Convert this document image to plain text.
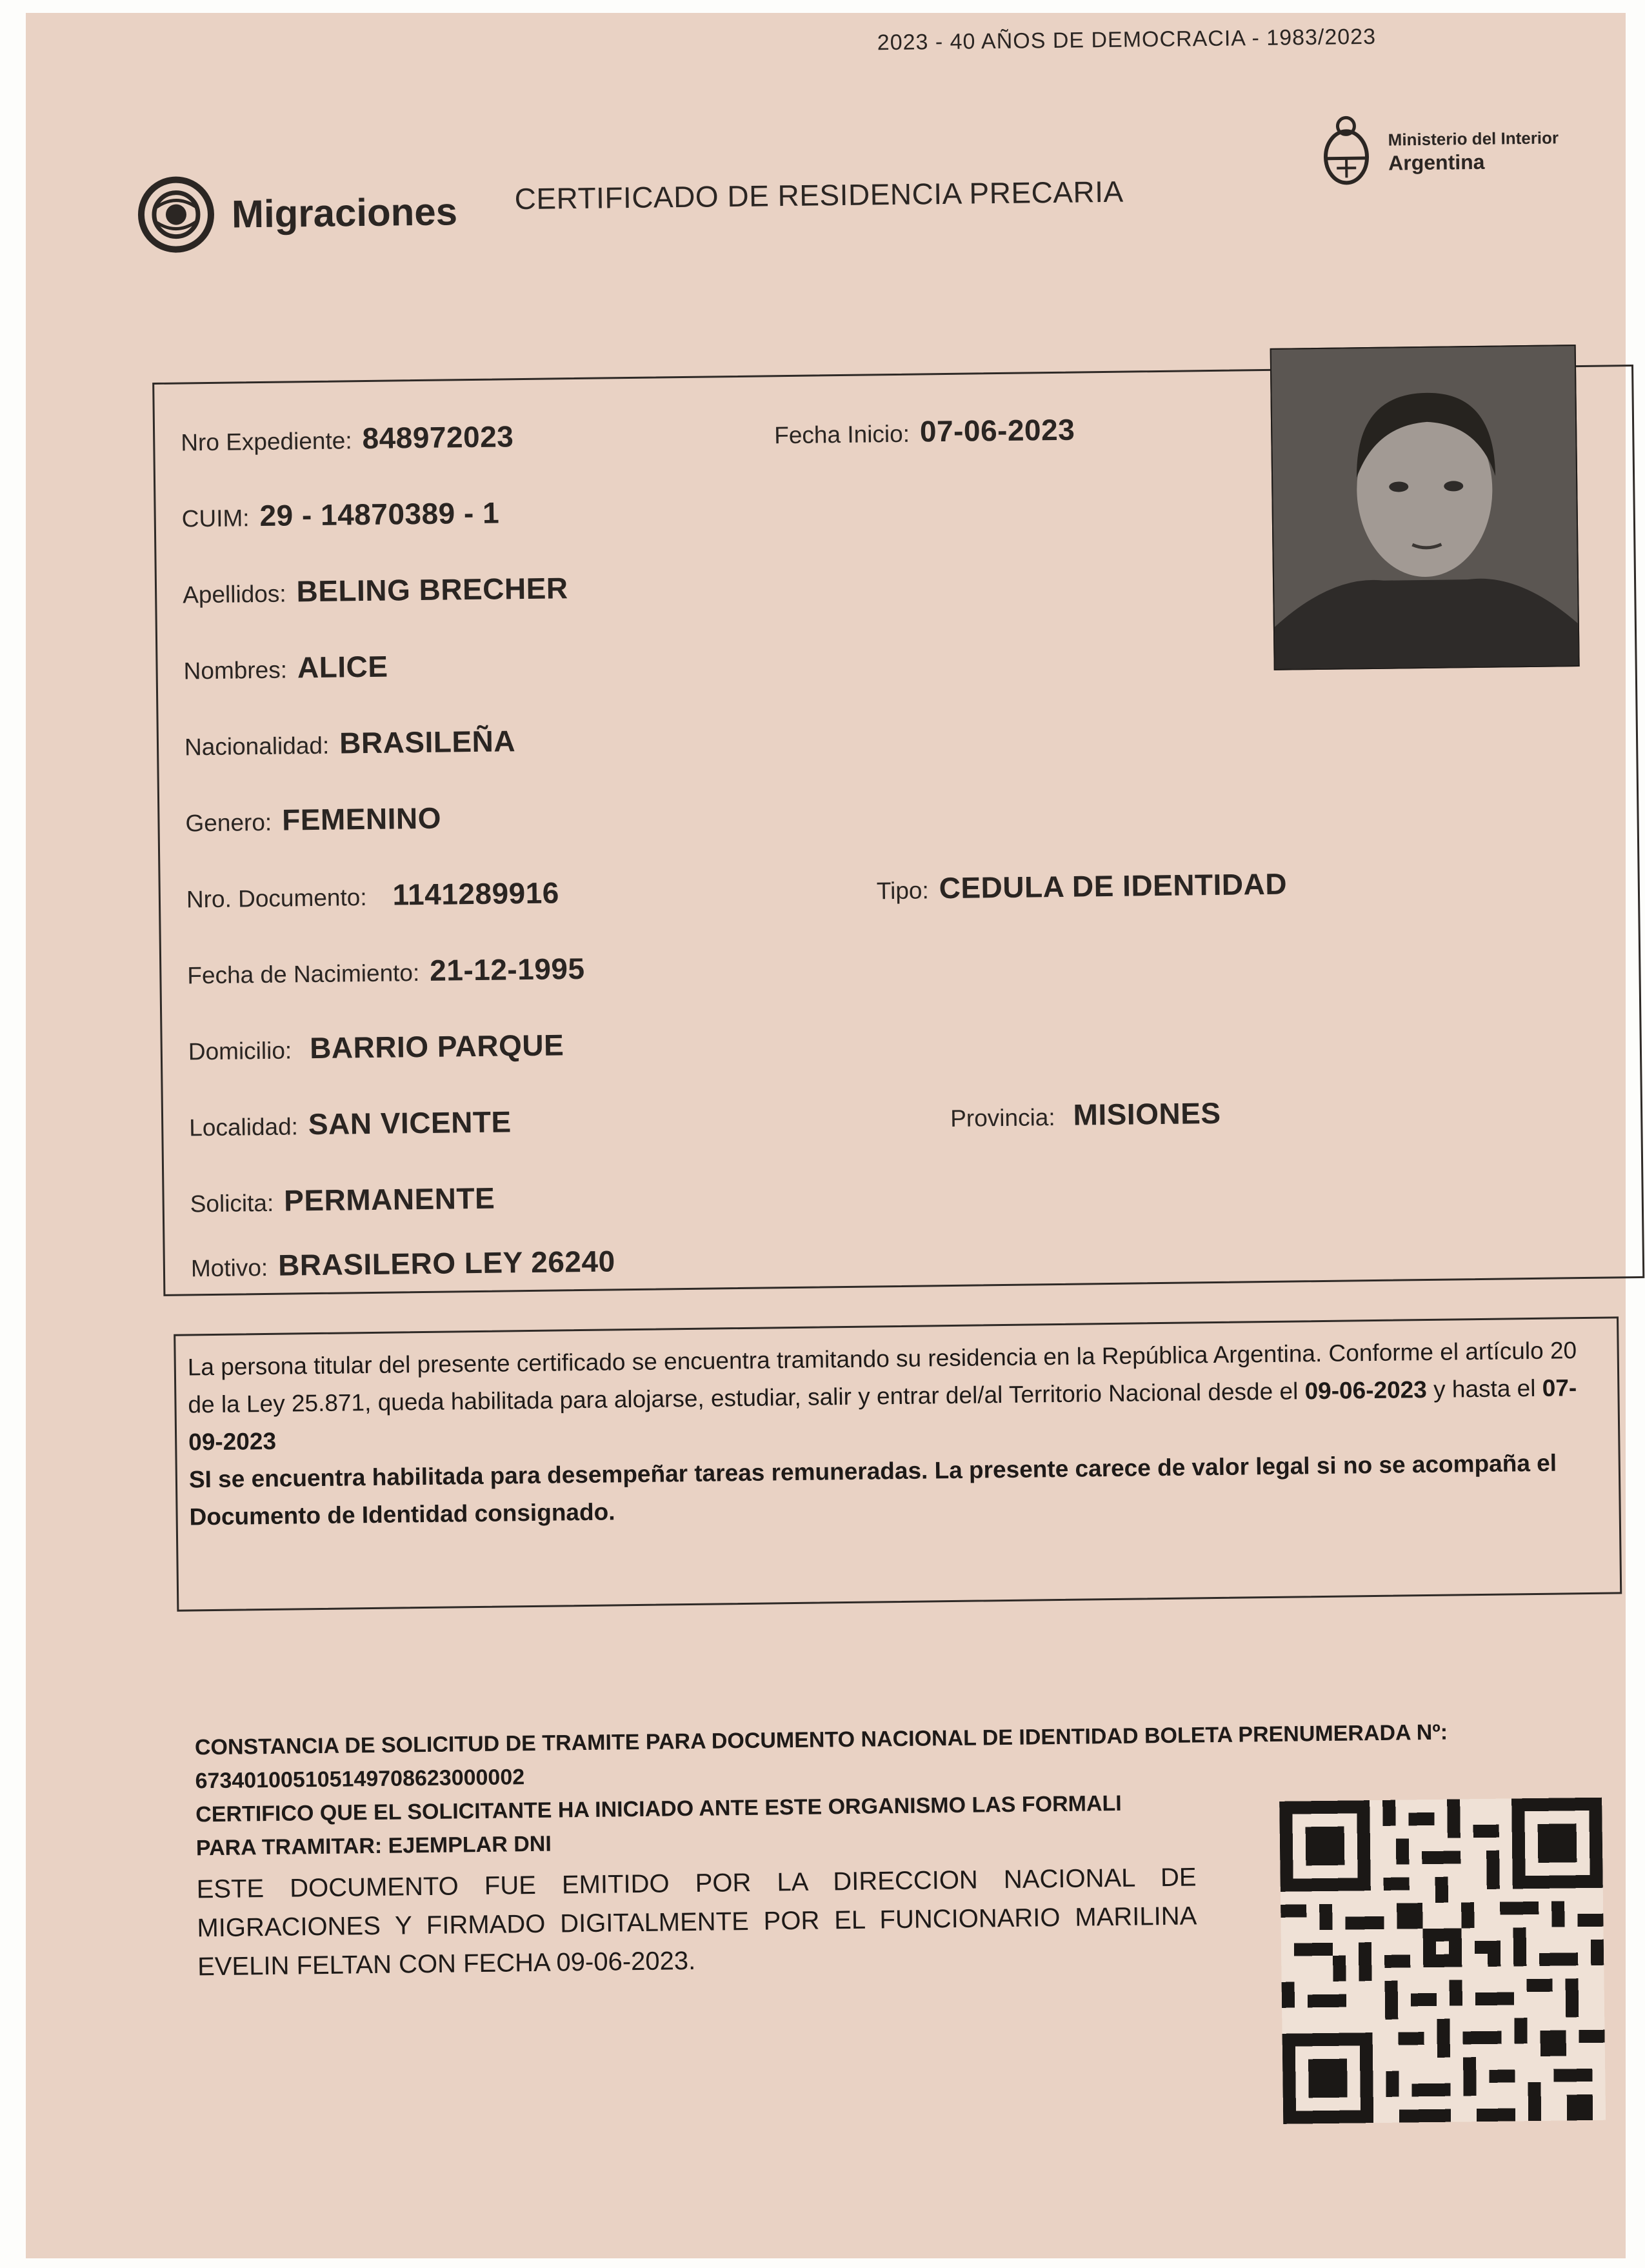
2023 - 40 AÑOS DE DEMOCRACIA - 1983/2023
Migraciones CERTIFICADO DE RESIDENCIA PRECARIA
Ministerio del Interior
Argentina
Nro Expediente: 848972023	Fecha Inicio: 07-06-2023
CUIM: 29 - 14870389 - 1
Apellidos: BELING BRECHER
Nombres: ALICE
Nacionalidad: BRASILEÑA
Genero: FEMENINO
Nro. Documento: 1141289916	Tipo: CEDULA DE IDENTIDAD
Fecha de Nacimiento: 21-12-1995
Domicilio: BARRIO PARQUE
Localidad: SAN VICENTE	Provincia: MISIONES
Solicita: PERMANENTE
Motivo: BRASILERO LEY 26240
La persona titular del presente certificado se encuentra tramitando su residencia en la República Argentina. Conforme el artículo 20 de la Ley 25.871, queda habilitada para alojarse, estudiar, salir y entrar del/al Territorio Nacional desde el 09-06-2023 y hasta el 07-09-2023
SI se encuentra habilitada para desempeñar tareas remuneradas. La presente carece de valor legal si no se acompaña el Documento de Identidad consignado.
CONSTANCIA DE SOLICITUD DE TRAMITE PARA DOCUMENTO NACIONAL DE IDENTIDAD BOLETA PRENUMERADA Nº:
673401005105149708623000002
CERTIFICO QUE EL SOLICITANTE HA INICIADO ANTE ESTE ORGANISMO LAS FORMALI
PARA TRAMITAR: EJEMPLAR DNI
ESTE DOCUMENTO FUE EMITIDO POR LA DIRECCION NACIONAL DE MIGRACIONES Y FIRMADO DIGITALMENTE POR EL FUNCIONARIO MARILINA EVELIN FELTAN CON FECHA 09-06-2023.
